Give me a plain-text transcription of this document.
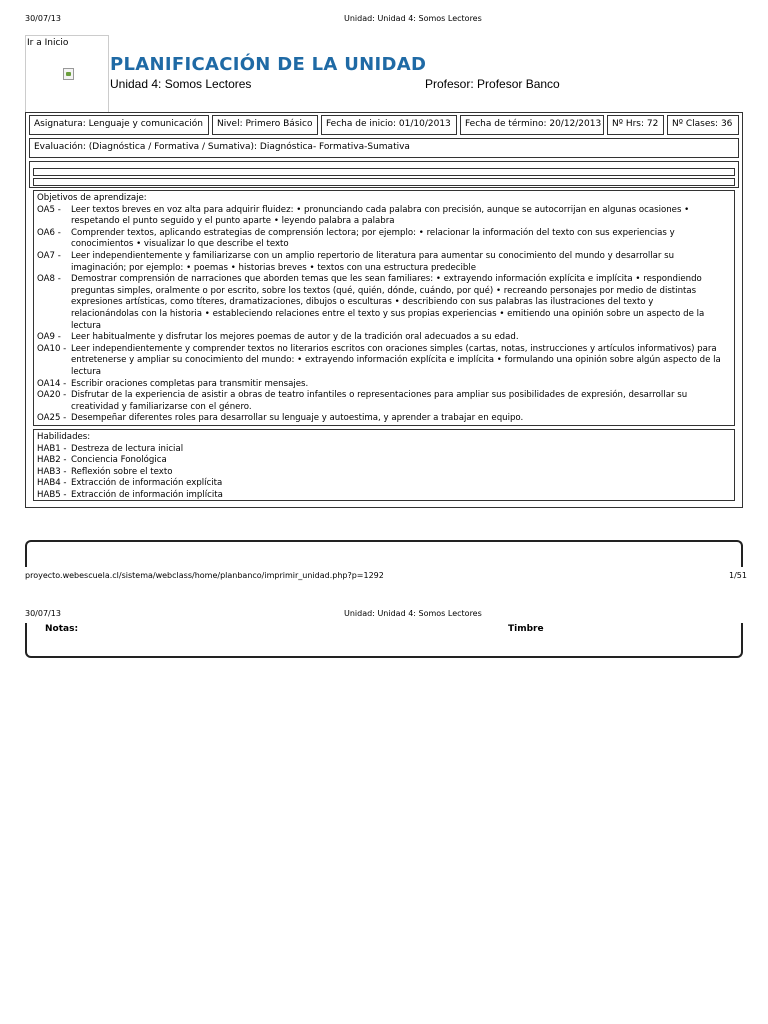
30/07/13	Unidad: Unidad 4: Somos Lectores
Ir a Inicio
PLANIFICACIÓN DE LA UNIDAD
Unidad 4: Somos Lectores	Profesor: Profesor Banco
Asignatura: Lenguaje y comunicación	Nivel: Primero Básico	Fecha de inicio: 01/10/2013	Fecha de término: 20/12/2013	Nº Hrs: 72	Nº Clases: 36
Evaluación: (Diagnóstica / Formativa / Sumativa): Diagnóstica- Formativa-Sumativa
Objetivos de aprendizaje:
OA5 -	Leer textos breves en voz alta para adquirir fluidez: • pronunciando cada palabra con precisión, aunque se autocorrijan en algunas ocasiones •
respetando el punto seguido y el punto aparte • leyendo palabra a palabra
OA6 -	Comprender textos, aplicando estrategias de comprensión lectora; por ejemplo: • relacionar la información del texto con sus experiencias y
conocimientos • visualizar lo que describe el texto
OA7 -	Leer independientemente y familiarizarse con un amplio repertorio de literatura para aumentar su conocimiento del mundo y desarrollar su
imaginación; por ejemplo: • poemas • historias breves • textos con una estructura predecible
OA8 -	Demostrar comprensión de narraciones que aborden temas que les sean familiares: • extrayendo información explícita e implícita • respondiendo
preguntas simples, oralmente o por escrito, sobre los textos (qué, quién, dónde, cuándo, por qué) • recreando personajes por medio de distintas
expresiones artísticas, como títeres, dramatizaciones, dibujos o esculturas • describiendo con sus palabras las ilustraciones del texto y
relacionándolas con la historia • estableciendo relaciones entre el texto y sus propias experiencias • emitiendo una opinión sobre un aspecto de la
lectura
OA9 -	Leer habitualmente y disfrutar los mejores poemas de autor y de la tradición oral adecuados a su edad.
OA10 - Leer independientemente y comprender textos no literarios escritos con oraciones simples (cartas, notas, instrucciones y artículos informativos) para
entretenerse y ampliar su conocimiento del mundo: • extrayendo información explícita e implícita • formulando una opinión sobre algún aspecto de la
lectura
OA14 - Escribir oraciones completas para transmitir mensajes.
OA20 - Disfrutar de la experiencia de asistir a obras de teatro infantiles o representaciones para ampliar sus posibilidades de expresión, desarrollar su
creatividad y familiarizarse con el género.
OA25 - Desempeñar diferentes roles para desarrollar su lenguaje y autoestima, y aprender a trabajar en equipo.
Habilidades:
HAB1 - Destreza de lectura inicial
HAB2 - Conciencia Fonológica
HAB3 - Reflexión sobre el texto
HAB4 - Extracción de información explícita
HAB5 - Extracción de información implícita
proyecto.webescuela.cl/sistema/webclass/home/planbanco/imprimir_unidad.php?p=1292	1/51
30/07/13	Unidad: Unidad 4: Somos Lectores
Notas:	Timbre
